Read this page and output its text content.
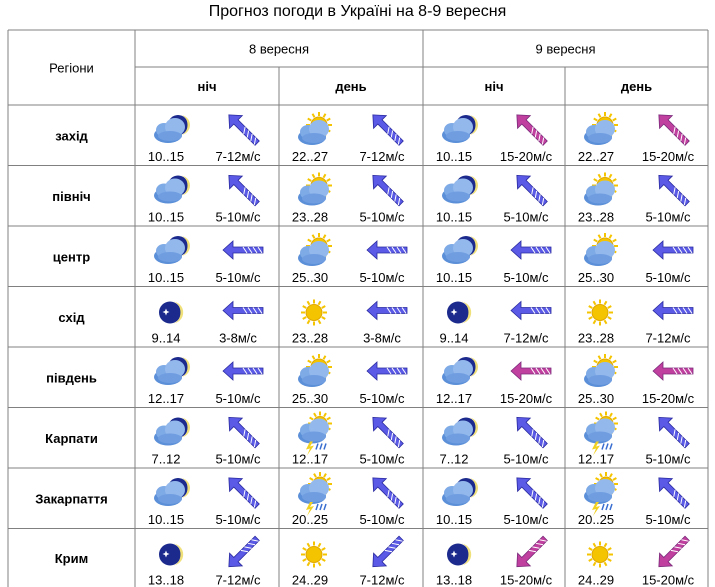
Прогноз погоди в Україні на 8-9 вересня
Регіони
8 вересня	9 вересня
ніч	день	ніч	день
захід
10..15 7-12м/с 22..27 7-12м/с 10..15 15-20м/с 22..27 15-20м/с
північ
10..15 5-10м/с 23..28 5-10м/с 10..15 5-10м/с 23..28 5-10м/с
центр
10..15 5-10м/с 25..30 5-10м/с 10..15 5-10м/с 25..30 5-10м/с
схід
9..14	3-8м/с	23..28	3-8м/с	9..14	7-12м/с 23..28 7-12м/с
південь
12..17 5-10м/с 25..30 5-10м/с 12..17 15-20м/с 25..30 15-20м/с
Карпати
7..12	5-10м/с 12..17 5-10м/с	7..12	5-10м/с 12..17 5-10м/с
Закарпаття
10..15 5-10м/с 20..25 5-10м/с 10..15 5-10м/с 20..25 5-10м/с
Крим
13..18 7-12м/с 24..29 7-12м/с 13..18 15-20м/с 24..29 15-20м/с
